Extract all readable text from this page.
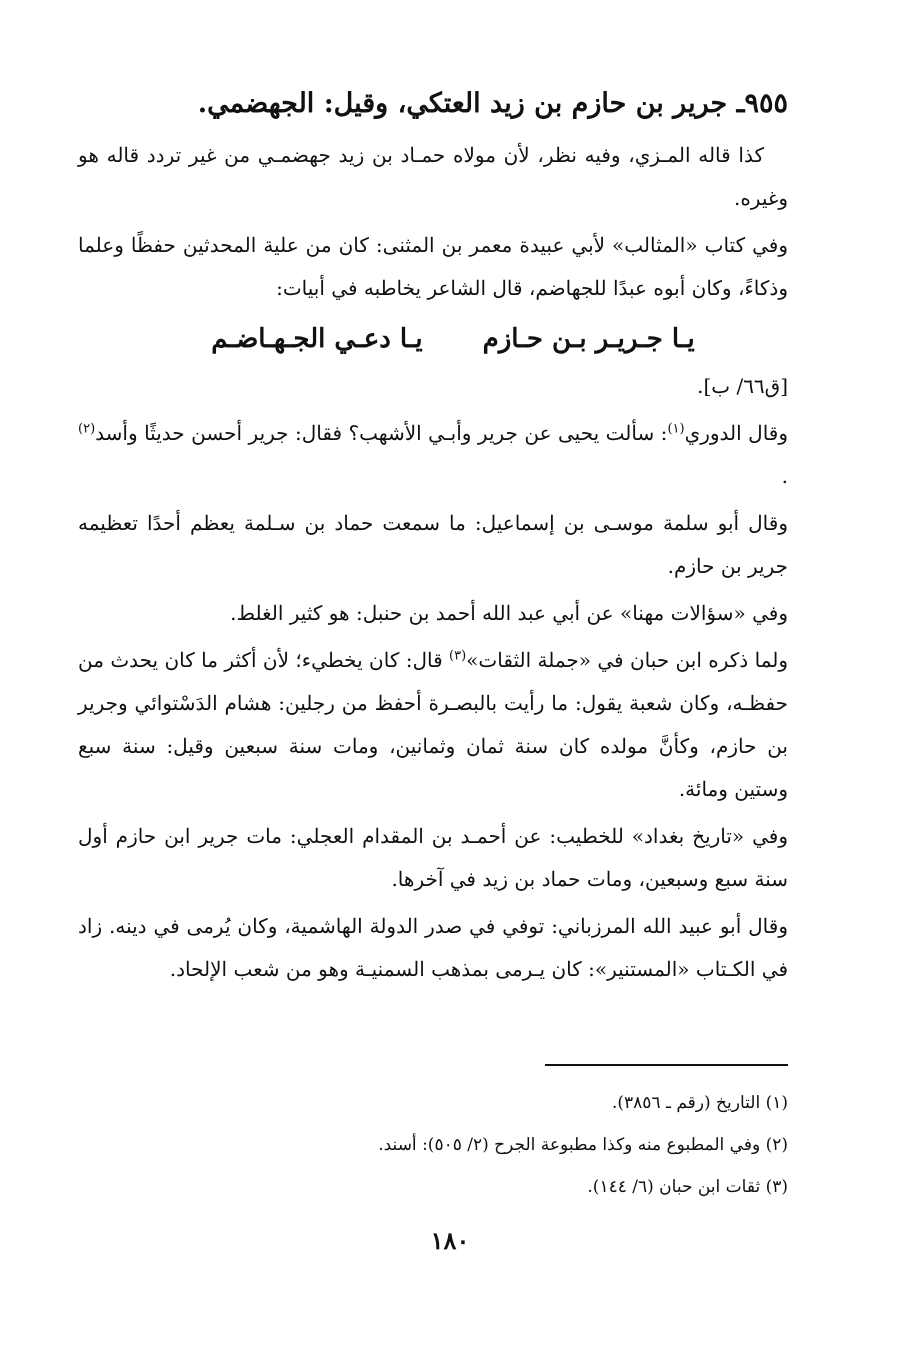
٩٥٥ـ جرير بن حازم بن زيد العتكي، وقيل: الجهضمي.

كذا قاله المـزي، وفيه نظر، لأن مولاه حمـاد بن زيد جهضمـي من غير تردد قاله هو وغيره.

وفي كتاب «المثالب» لأبي عبيدة معمر بن المثنى: كان من علية المحدثين حفظًا وعلما وذكاءً، وكان أبوه عبدًا للجهاضم، قال الشاعر يخاطبه في أبيات:

يـا جـريـر بـن حـازم
يـا دعـي الجـهـاضـم
[ق٦٦/ ب].

وقال الدوري$^{(١)}$: سألت يحيى عن جرير وأبـي الأشهب؟ فقال: جرير أحسن حديثًا وأسد$^{(٢)}$ .

وقال أبو سلمة موسـى بن إسماعيل: ما سمعت حماد بن سـلمة يعظم أحدًا تعظيمه جرير بن حازم.

وفي «سؤالات مهنا» عن أبي عبد الله أحمد بن حنبل: هو كثير الغلط.

ولما ذكره ابن حبان في «جملة الثقات»$^{(٣)}$ قال: كان يخطيء؛ لأن أكثر ما كان يحدث من حفظـه، وكان شعبة يقول: ما رأيت بالبصـرة أحفظ من رجلين: هشام الدَسْتوائي وجرير بن حازم، وكأنَّ مولده كان سنة ثمان وثمانين، ومات سنة سبعين وقيل: سنة سبع وستين ومائة.

وفي «تاريخ بغداد» للخطيب: عن أحمـد بن المقدام العجلي: مات جرير ابن حازم أول سنة سبع وسبعين، ومات حماد بن زيد في آخرها.

وقال أبو عبيد الله المرزباني: توفي في صدر الدولة الهاشمية، وكان يُرمى في دينه. زاد في الكـتاب «المستنير»: كان يـرمى بمذهب السمنيـة وهو من شعب الإلحاد.

(١) التاريخ (رقم ـ ٣٨٥٦).

(٢) وفي المطبوع منه وكذا مطبوعة الجرح (٢/ ٥٠٥): أسند.

(٣) ثقات ابن حبان (٦/ ١٤٤).

١٨٠
